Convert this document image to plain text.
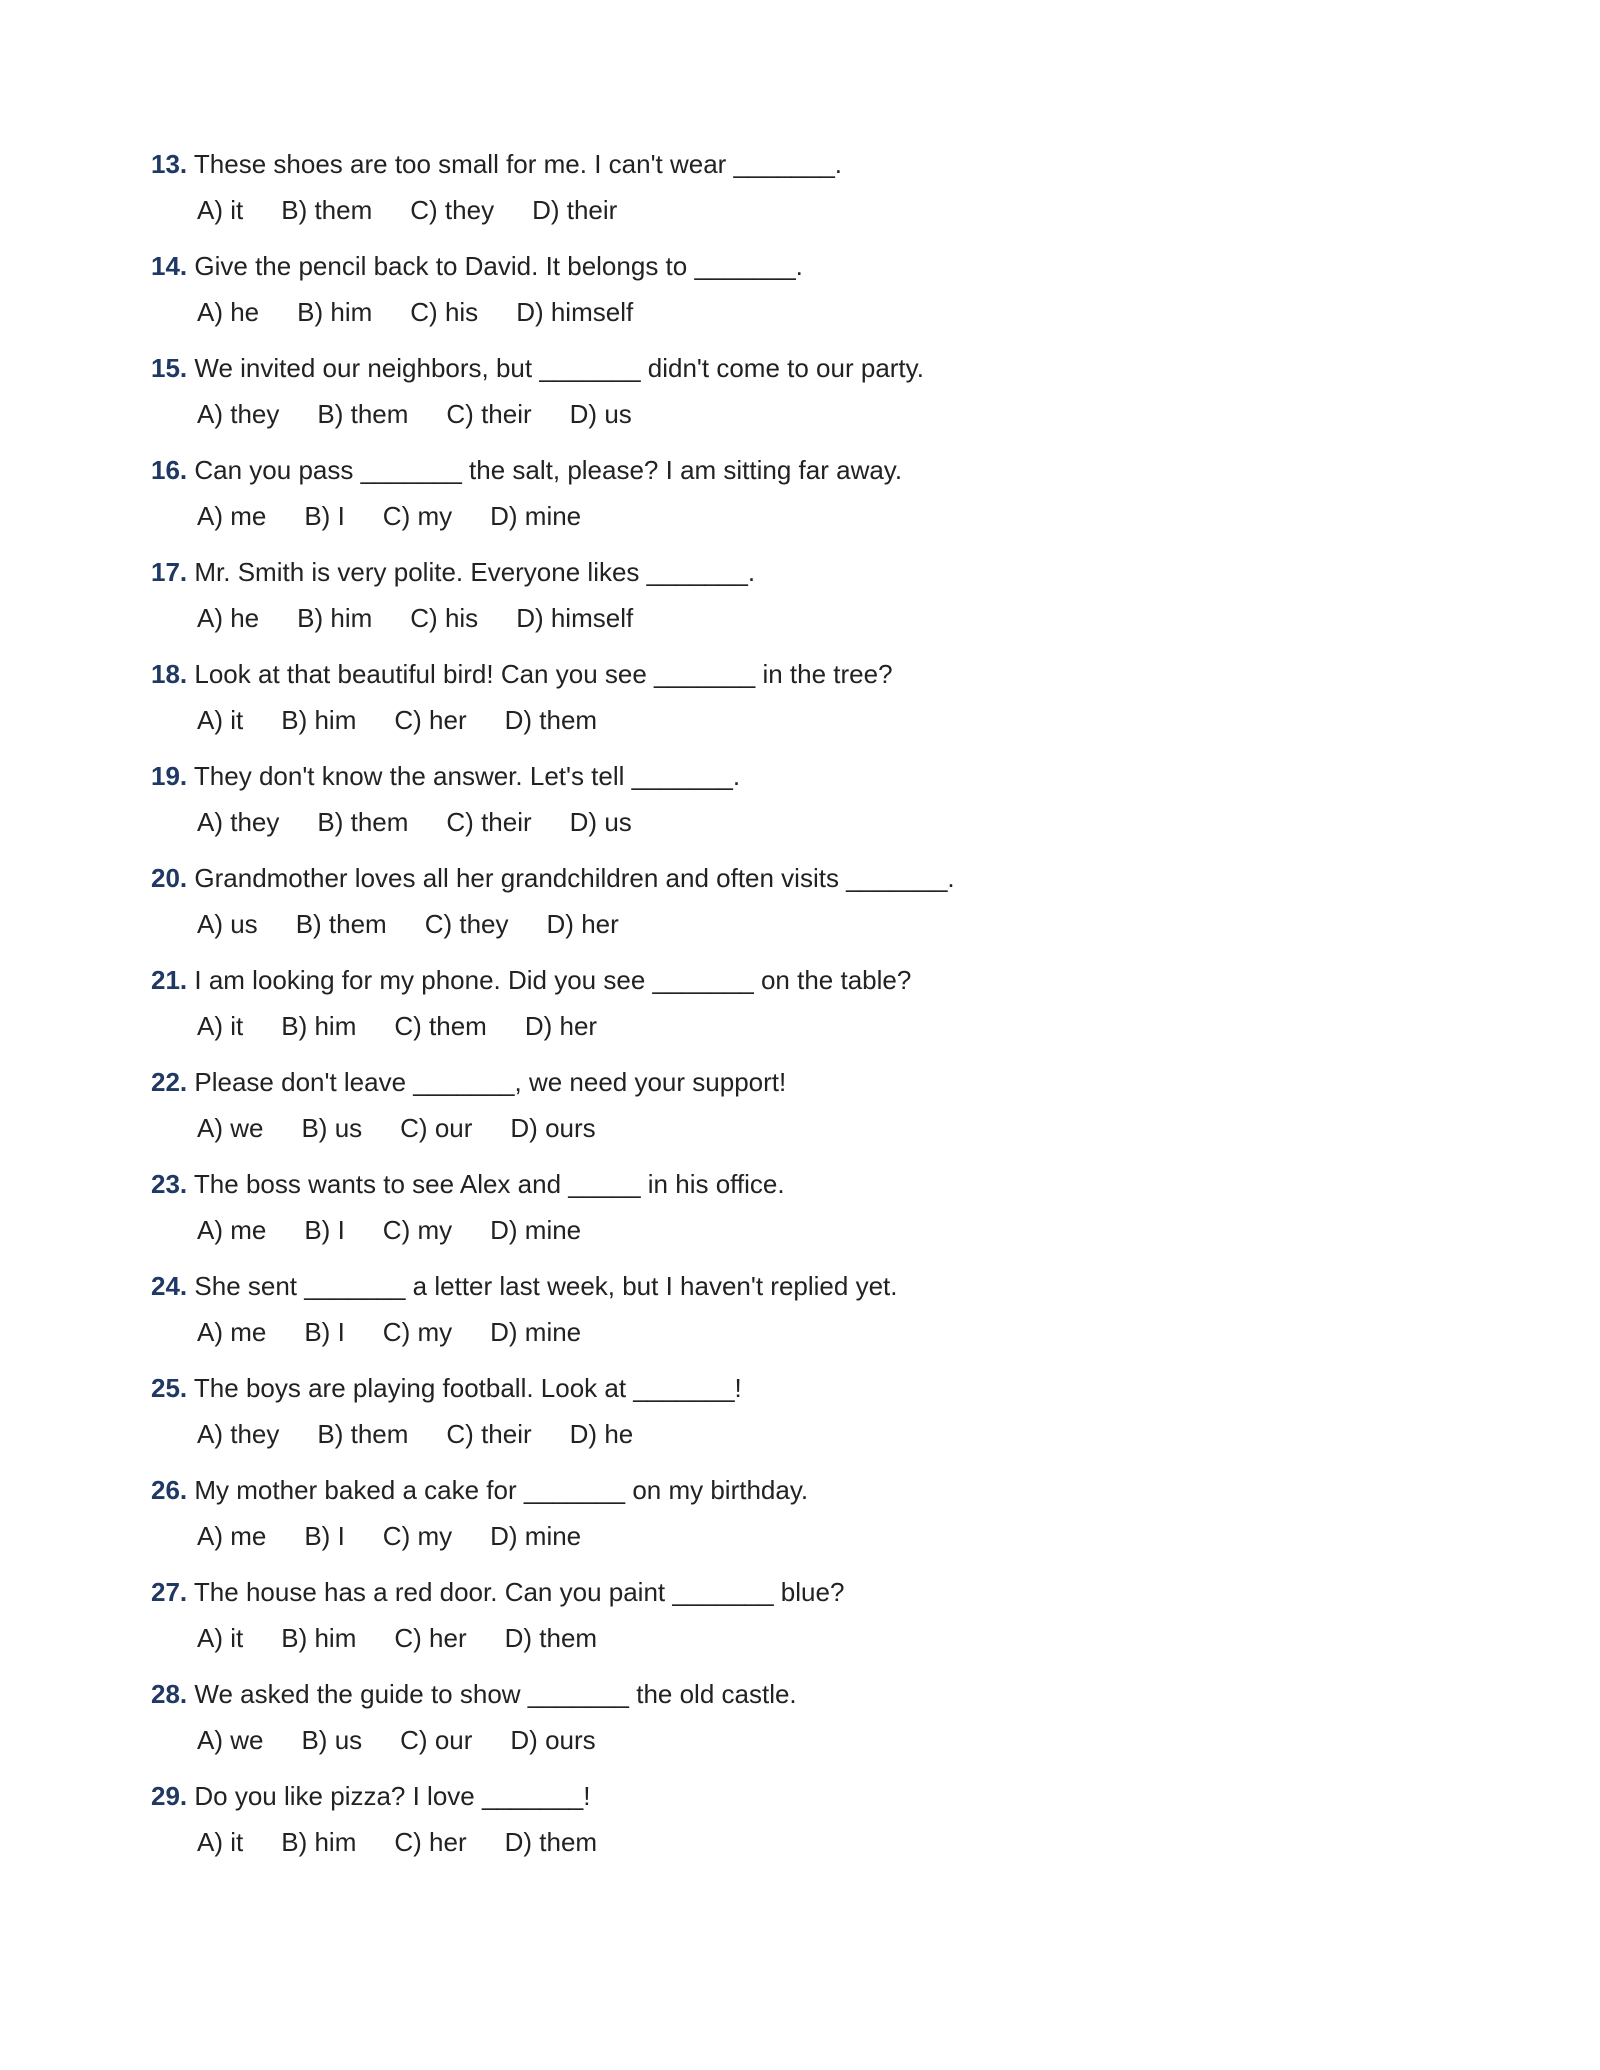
13. These shoes are too small for me. I can't wear _______.
A) it B) them C) they D) their
14. Give the pencil back to David. It belongs to _______.
A) he B) him C) his D) himself
15. We invited our neighbors, but _______ didn't come to our party.
A) they B) them C) their D) us
16. Can you pass _______ the salt, please? I am sitting far away.
A) me B) I C) my D) mine
17. Mr. Smith is very polite. Everyone likes _______.
A) he B) him C) his D) himself
18. Look at that beautiful bird! Can you see _______ in the tree?
A) it B) him C) her D) them
19. They don't know the answer. Let's tell _______.
A) they B) them C) their D) us
20. Grandmother loves all her grandchildren and often visits _______.
A) us B) them C) they D) her
21. I am looking for my phone. Did you see _______ on the table?
A) it B) him C) them D) her
22. Please don't leave _______, we need your support!
A) we B) us C) our D) ours
23. The boss wants to see Alex and _____ in his office.
A) me B) I C) my D) mine
24. She sent _______ a letter last week, but I haven't replied yet.
A) me B) I C) my D) mine
25. The boys are playing football. Look at _______!
A) they B) them C) their D) he
26. My mother baked a cake for _______ on my birthday.
A) me B) I C) my D) mine
27. The house has a red door. Can you paint _______ blue?
A) it B) him C) her D) them
28. We asked the guide to show _______ the old castle.
A) we B) us C) our D) ours
29. Do you like pizza? I love _______!
A) it B) him C) her D) them
